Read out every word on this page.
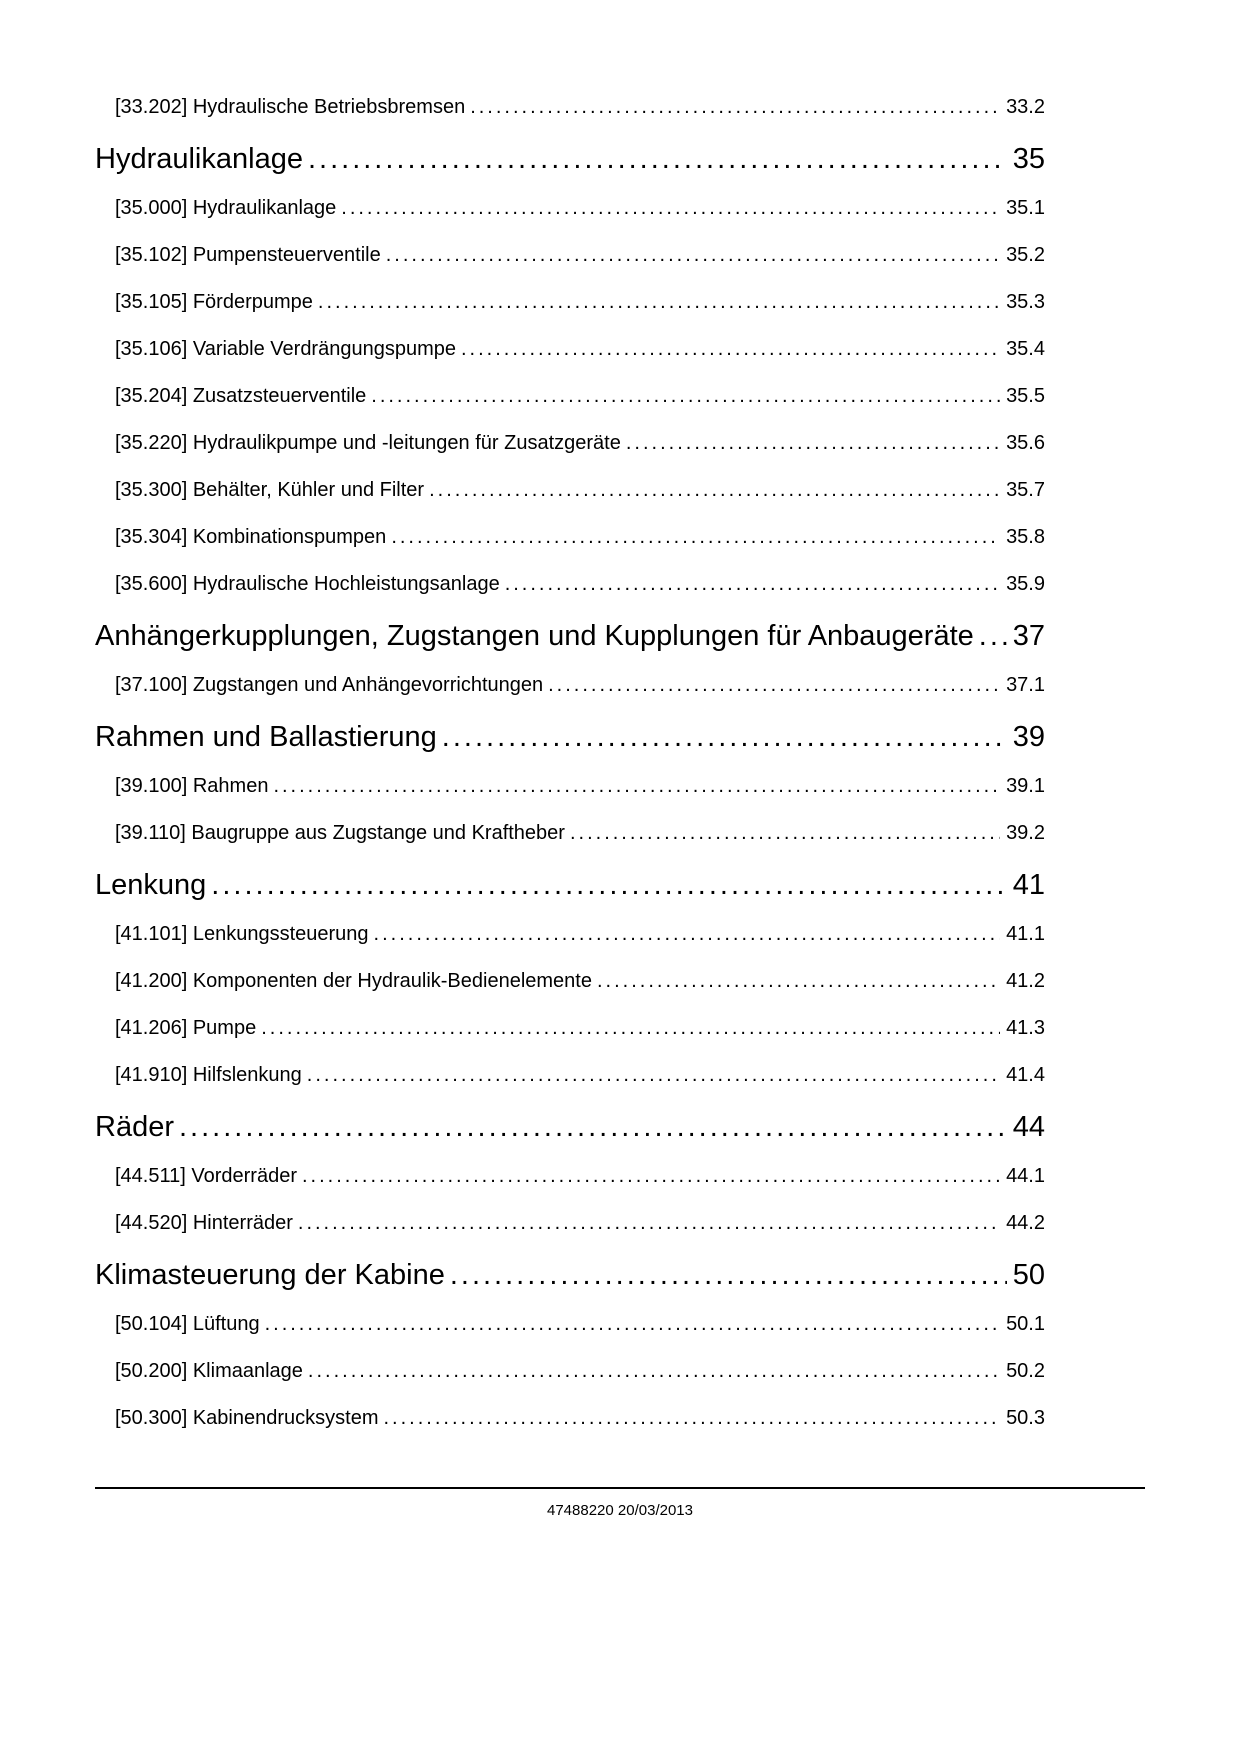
[33.202] Hydraulische Betriebsbremsen .....	33.2
Hydraulikanlage .....	35
[35.000] Hydraulikanlage .....	35.1
[35.102] Pumpensteuerventile .....	35.2
[35.105] Förderpumpe .....	35.3
[35.106] Variable Verdrängungspumpe .....	35.4
[35.204] Zusatzsteuerventile .....	35.5
[35.220] Hydraulikpumpe und -leitungen für Zusatzgeräte .....	35.6
[35.300] Behälter, Kühler und Filter .....	35.7
[35.304] Kombinationspumpen .....	35.8
[35.600] Hydraulische Hochleistungsanlage .....	35.9
Anhängerkupplungen, Zugstangen und Kupplungen für Anbaugeräte ..... 37
[37.100] Zugstangen und Anhängevorrichtungen .....	37.1
Rahmen und Ballastierung .....	39
[39.100] Rahmen .....	39.1
[39.110] Baugruppe aus Zugstange und Kraftheber .....	39.2
Lenkung .....	41
[41.101] Lenkungssteuerung .....	41.1
[41.200] Komponenten der Hydraulik-Bedienelemente .....	41.2
[41.206] Pumpe .....	41.3
[41.910] Hilfslenkung .....	41.4
Räder .....	44
[44.511] Vorderräder .....	44.1
[44.520] Hinterräder .....	44.2
Klimasteuerung der Kabine .....	50
[50.104] Lüftung .....	50.1
[50.200] Klimaanlage .....	50.2
[50.300] Kabinendrucksystem .....	50.3
47488220 20/03/2013
